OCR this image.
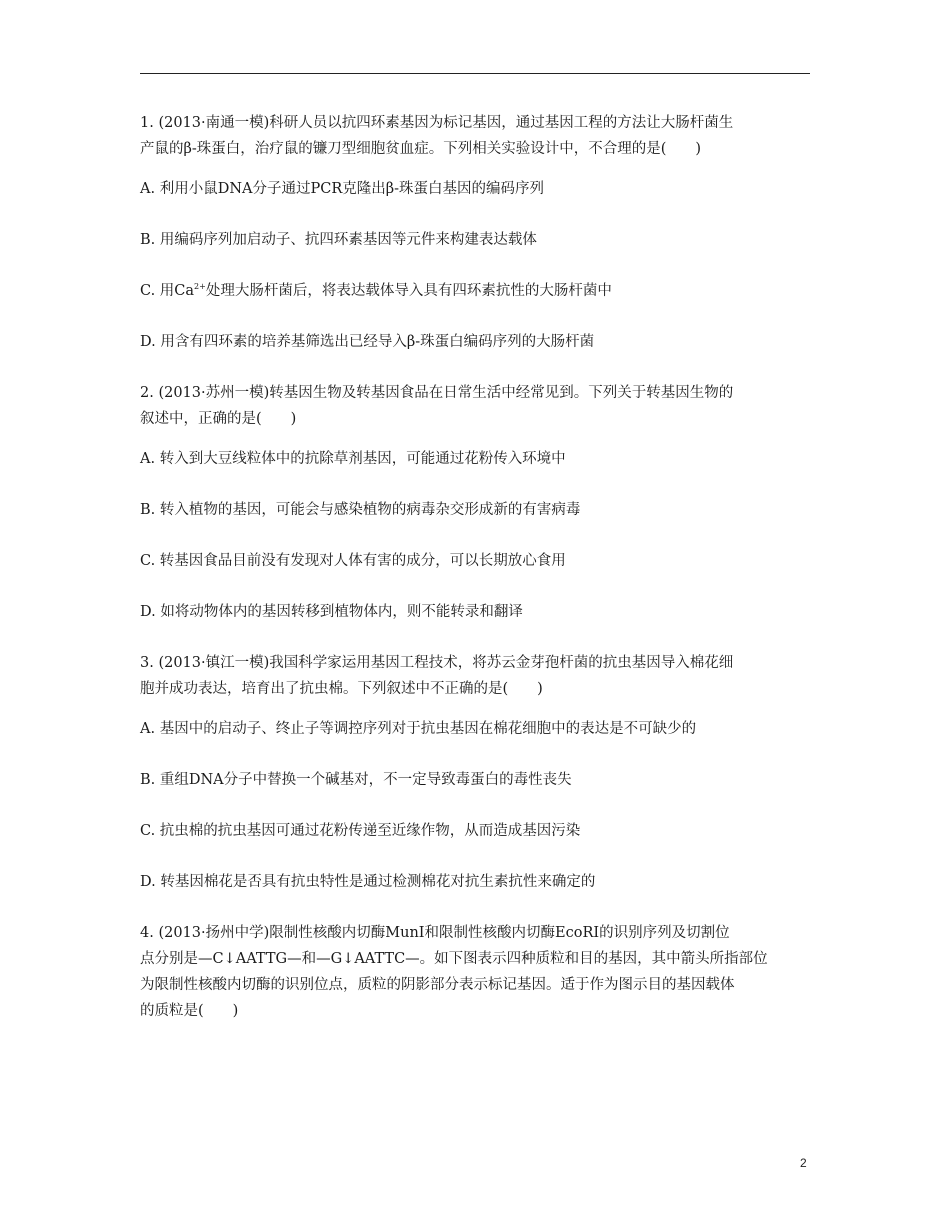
1. (2013·南通一模)科研人员以抗四环素基因为标记基因，通过基因工程的方法让大肠杆菌生
产鼠的β-珠蛋白，治疗鼠的镰刀型细胞贫血症。下列相关实验设计中，不合理的是(　　)
A. 利用小鼠DNA分子通过PCR克隆出β-珠蛋白基因的编码序列
B. 用编码序列加启动子、抗四环素基因等元件来构建表达载体
C. 用$Ca^{2+}$处理大肠杆菌后，将表达载体导入具有四环素抗性的大肠杆菌中
D. 用含有四环素的培养基筛选出已经导入β-珠蛋白编码序列的大肠杆菌
2. (2013·苏州一模)转基因生物及转基因食品在日常生活中经常见到。下列关于转基因生物的
叙述中，正确的是(　　)
A. 转入到大豆线粒体中的抗除草剂基因，可能通过花粉传入环境中
B. 转入植物的基因，可能会与感染植物的病毒杂交形成新的有害病毒
C. 转基因食品目前没有发现对人体有害的成分，可以长期放心食用
D. 如将动物体内的基因转移到植物体内，则不能转录和翻译
3. (2013·镇江一模)我国科学家运用基因工程技术，将苏云金芽孢杆菌的抗虫基因导入棉花细
胞并成功表达，培育出了抗虫棉。下列叙述中不正确的是(　　)
A. 基因中的启动子、终止子等调控序列对于抗虫基因在棉花细胞中的表达是不可缺少的
B. 重组DNA分子中替换一个碱基对，不一定导致毒蛋白的毒性丧失
C. 抗虫棉的抗虫基因可通过花粉传递至近缘作物，从而造成基因污染
D. 转基因棉花是否具有抗虫特性是通过检测棉花对抗生素抗性来确定的
4. (2013·扬州中学)限制性核酸内切酶MunⅠ和限制性核酸内切酶EcoRⅠ的识别序列及切割位
点分别是—C↓AATTG—和—G↓AATTC—。如下图表示四种质粒和目的基因，其中箭头所指部位
为限制性核酸内切酶的识别位点，质粒的阴影部分表示标记基因。适于作为图示目的基因载体
的质粒是(　　)
2
